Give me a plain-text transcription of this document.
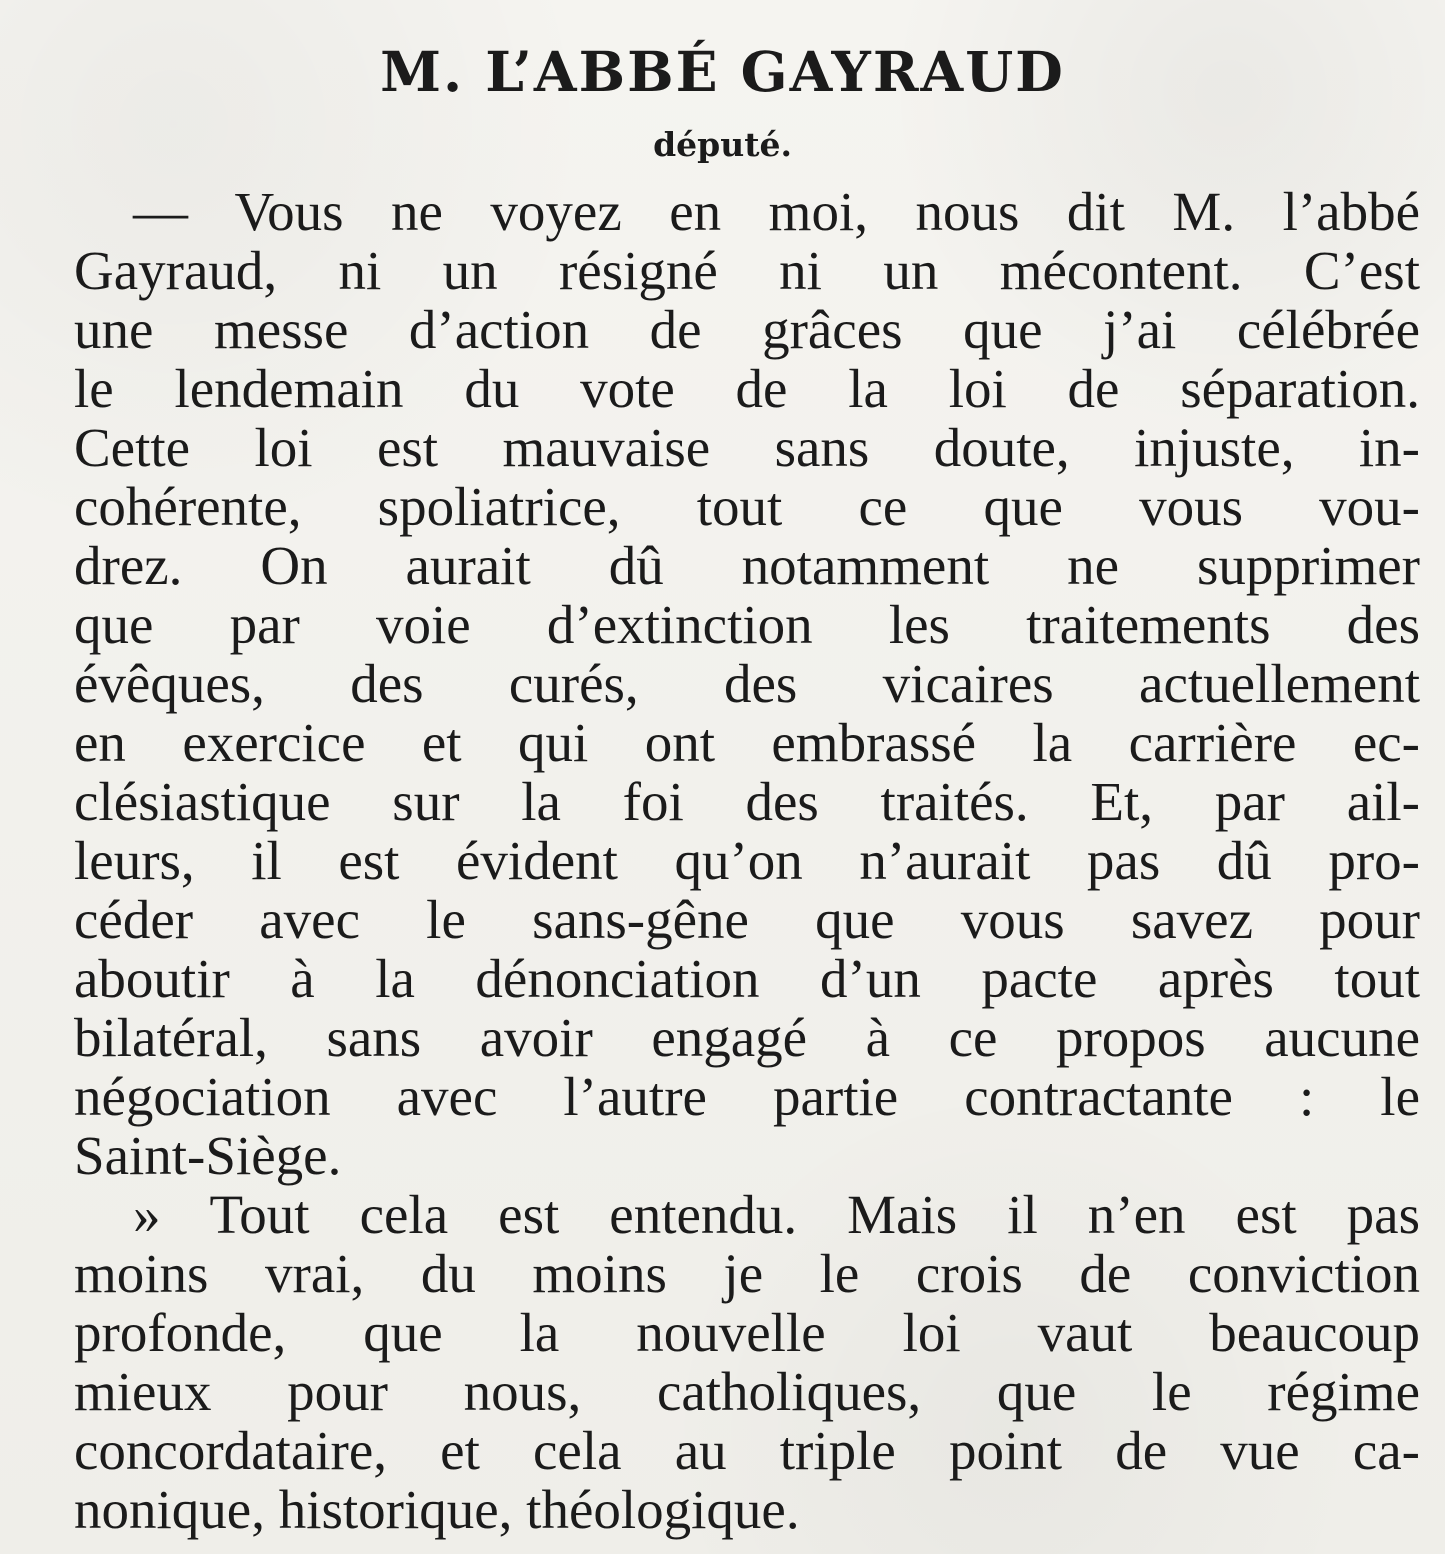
M. L’ABBÉ GAYRAUD
député.
— Vous ne voyez en moi, nous dit M. l’abbé
Gayraud, ni un résigné ni un mécontent. C’est
une messe d’action de grâces que j’ai célébrée
le lendemain du vote de la loi de séparation.
Cette loi est mauvaise sans doute, injuste, in-
cohérente, spoliatrice, tout ce que vous vou-
drez. On aurait dû notamment ne supprimer
que par voie d’extinction les traitements des
évêques, des curés, des vicaires actuellement
en exercice et qui ont embrassé la carrière ec-
clésiastique sur la foi des traités. Et, par ail-
leurs, il est évident qu’on n’aurait pas dû pro-
céder avec le sans-gêne que vous savez pour
aboutir à la dénonciation d’un pacte après tout
bilatéral, sans avoir engagé à ce propos aucune
négociation avec l’autre partie contractante : le
Saint-Siège.
» Tout cela est entendu. Mais il n’en est pas
moins vrai, du moins je le crois de conviction
profonde, que la nouvelle loi vaut beaucoup
mieux pour nous, catholiques, que le régime
concordataire, et cela au triple point de vue ca-
nonique, historique, théologique.
